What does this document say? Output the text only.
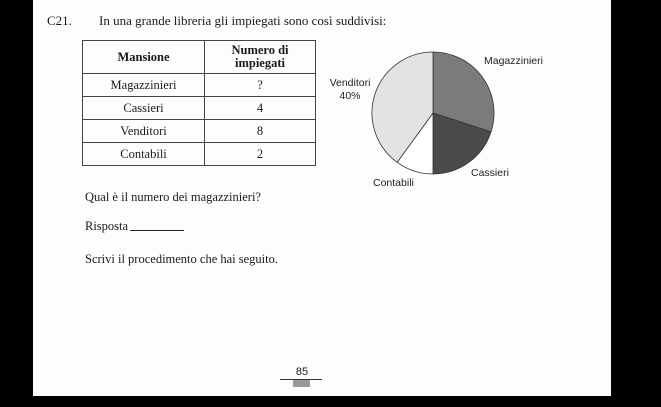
C21.	In una grande libreria gli impiegati sono così suddivisi:
Mansione	Numero di impiegati
Magazzinieri	?
Cassieri	4
Venditori	8
Contabili	2
Magazzinieri
Cassieri
Contabili
Venditori
40%
Qual è il numero dei magazzinieri?
Risposta
Scrivi il procedimento che hai seguito.
85
